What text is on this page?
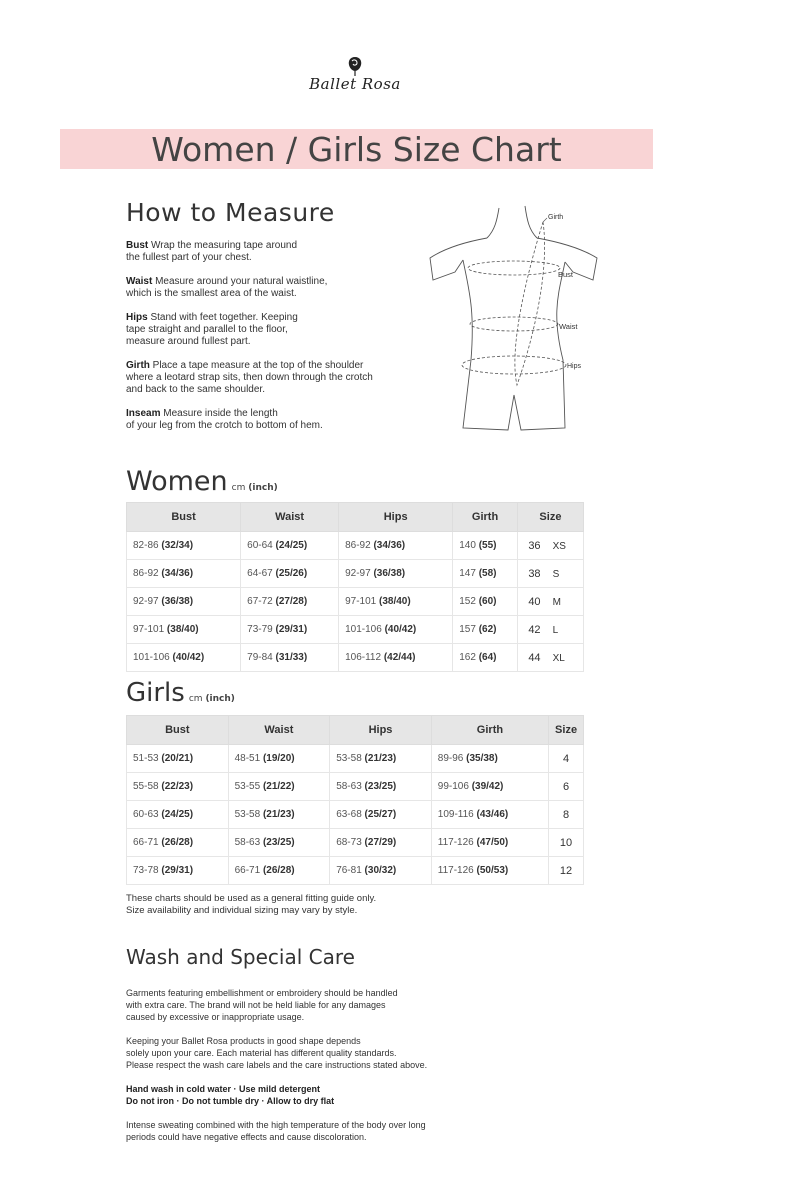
Ballet Rosa
Women / Girls Size Chart
How to Measure

Bust Wrap the measuring tape around
the fullest part of your chest.

Waist Measure around your natural waistline,
which is the smallest area of the waist.

Hips Stand with feet together. Keeping
tape straight and parallel to the floor,
measure around fullest part.

Girth Place a tape measure at the top of the shoulder
where a leotard strap sits, then down through the crotch
and back to the same shoulder.

Inseam Measure inside the length
of your leg from the crotch to bottom of hem.

Girth
Bust
Waist
Hips
Women cm (inch)
Bust	Waist	Hips	Girth	Size
82-86 (32/34)	60-64 (24/25)	86-92 (34/36)	140 (55)	36 XS
86-92 (34/36)	64-67 (25/26)	92-97 (36/38)	147 (58)	38 S
92-97 (36/38)	67-72 (27/28)	97-101 (38/40)	152 (60)	40 M
97-101 (38/40)	73-79 (29/31)	101-106 (40/42)	157 (62)	42 L
101-106 (40/42)	79-84 (31/33)	106-112 (42/44)	162 (64)	44 XL
Girls cm (inch)
Bust	Waist	Hips	Girth	Size
51-53 (20/21)	48-51 (19/20)	53-58 (21/23)	89-96 (35/38)	4
55-58 (22/23)	53-55 (21/22)	58-63 (23/25)	99-106 (39/42)	6
60-63 (24/25)	53-58 (21/23)	63-68 (25/27)	109-116 (43/46)	8
66-71 (26/28)	58-63 (23/25)	68-73 (27/29)	117-126 (47/50)	10
73-78 (29/31)	66-71 (26/28)	76-81 (30/32)	117-126 (50/53)	12
These charts should be used as a general fitting guide only.
Size availability and individual sizing may vary by style.
Wash and Special Care

Garments featuring embellishment or embroidery should be handled
with extra care. The brand will not be held liable for any damages
caused by excessive or inappropriate usage.

Keeping your Ballet Rosa products in good shape depends
solely upon your care. Each material has different quality standards.
Please respect the wash care labels and the care instructions stated above.

Hand wash in cold water · Use mild detergent
Do not iron · Do not tumble dry · Allow to dry flat

Intense sweating combined with the high temperature of the body over long
periods could have negative effects and cause discoloration.
